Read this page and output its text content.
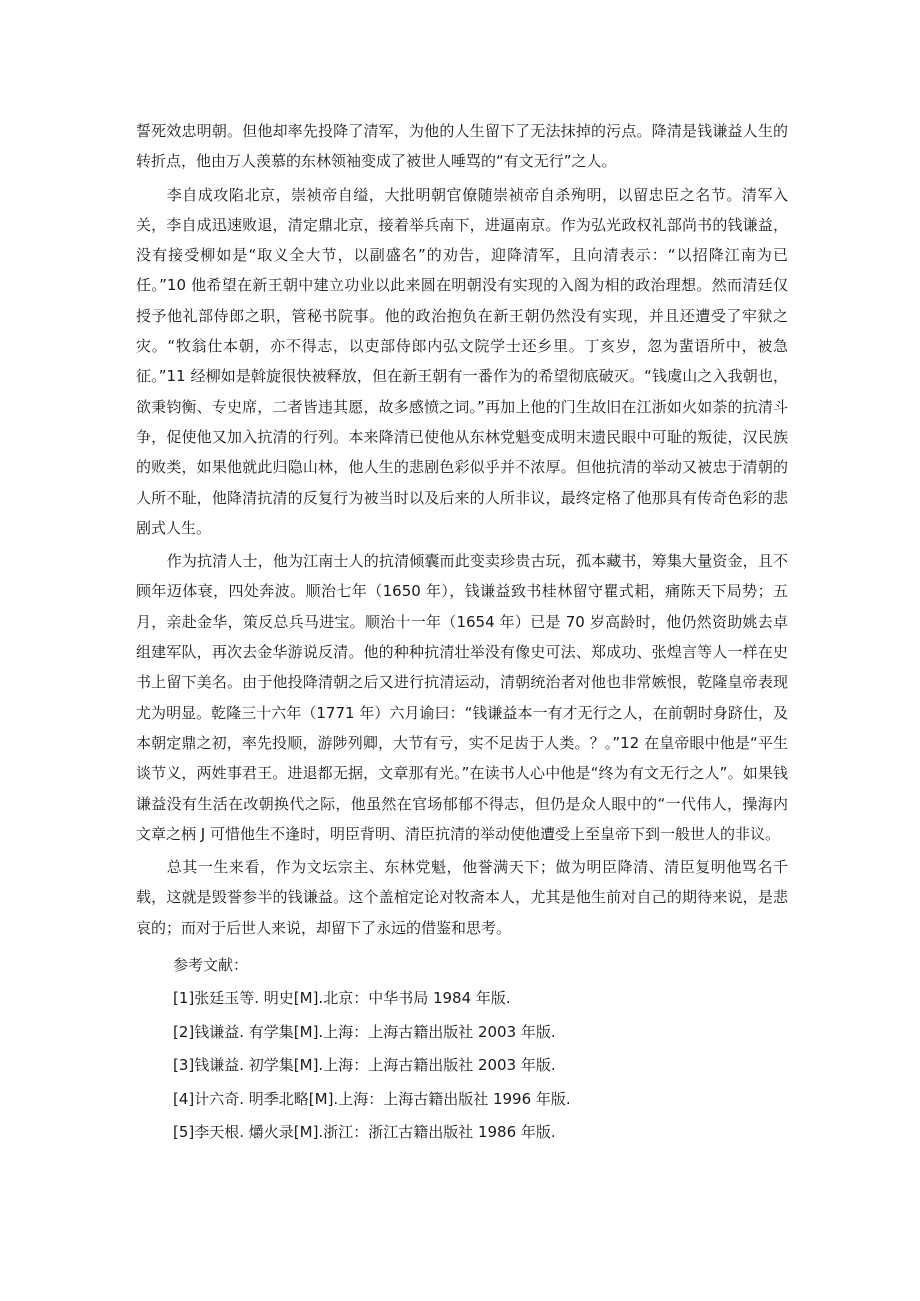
誓死效忠明朝。但他却率先投降了清军，为他的人生留下了无法抹掉的污点。降清是钱谦益人生的转折点，他由万人羡慕的东林领袖变成了被世人唾骂的“有文无行”之人。

李自成攻陷北京，崇祯帝自缢，大批明朝官僚随崇祯帝自杀殉明，以留忠臣之名节。清军入关，李自成迅速败退，清定鼎北京，接着举兵南下，进逼南京。作为弘光政权礼部尚书的钱谦益，没有接受柳如是“取义全大节，以副盛名”的劝告，迎降清军，且向清表示：“以招降江南为已任。”10 他希望在新王朝中建立功业以此来圆在明朝没有实现的入阁为相的政治理想。然而清廷仅授予他礼部侍郎之职，管秘书院事。他的政治抱负在新王朝仍然没有实现，并且还遭受了牢狱之灾。“牧翁仕本朝，亦不得志，以吏部侍郎内弘文院学士还乡里。丁亥岁，忽为蜚语所中，被急征。”11 经柳如是斡旋很快被释放，但在新王朝有一番作为的希望彻底破灭。“钱虞山之入我朝也，欲秉钧衡、专史席，二者皆违其愿，故多感愤之词。”再加上他的门生故旧在江浙如火如荼的抗清斗争，促使他又加入抗清的行列。本来降清已使他从东林党魁变成明末遗民眼中可耻的叛徒，汉民族的败类，如果他就此归隐山林，他人生的悲剧色彩似乎并不浓厚。但他抗清的举动又被忠于清朝的人所不耻，他降清抗清的反复行为被当时以及后来的人所非议，最终定格了他那具有传奇色彩的悲剧式人生。

作为抗清人士，他为江南士人的抗清倾囊而此变卖珍贵古玩，孤本藏书，筹集大量资金，且不顾年迈体衰，四处奔波。顺治七年（1650 年），钱谦益致书桂林留守瞿式耜，痛陈天下局势；五月，亲赴金华，策反总兵马进宝。顺治十一年（1654 年）已是 70 岁高龄时，他仍然资助姚去卓组建军队，再次去金华游说反清。他的种种抗清壮举没有像史可法、郑成功、张煌言等人一样在史书上留下美名。由于他投降清朝之后又进行抗清运动，清朝统治者对他也非常嫉恨，乾隆皇帝表现尤为明显。乾隆三十六年（1771 年）六月谕曰：“钱谦益本一有才无行之人，在前朝时身跻仕，及本朝定鼎之初，率先投顺，游陟列卿，大节有亏，实不足齿于人类。？。”12 在皇帝眼中他是“平生谈节义，两姓事君王。进退都无据，文章那有光。”在读书人心中他是“终为有文无行之人”。如果钱谦益没有生活在改朝换代之际，他虽然在官场郁郁不得志，但仍是众人眼中的“一代伟人，操海内文章之柄 J 可惜他生不逢时，明臣背明、清臣抗清的举动使他遭受上至皇帝下到一般世人的非议。

总其一生来看，作为文坛宗主、东林党魁，他誉满天下；做为明臣降清、清臣复明他骂名千载，这就是毁誉参半的钱谦益。这个盖棺定论对牧斋本人，尤其是他生前对自己的期待来说，是悲哀的；而对于后世人来说，却留下了永远的借鉴和思考。

参考文献：

[1]张廷玉等. 明史[M].北京：中华书局 1984 年版.
[2]钱谦益. 有学集[M].上海：上海古籍出版社 2003 年版.
[3]钱谦益. 初学集[M].上海：上海古籍出版社 2003 年版.
[4]计六奇. 明季北略[M].上海：上海古籍出版社 1996 年版.
[5]李天根. 爝火录[M].浙江：浙江古籍出版社 1986 年版.
